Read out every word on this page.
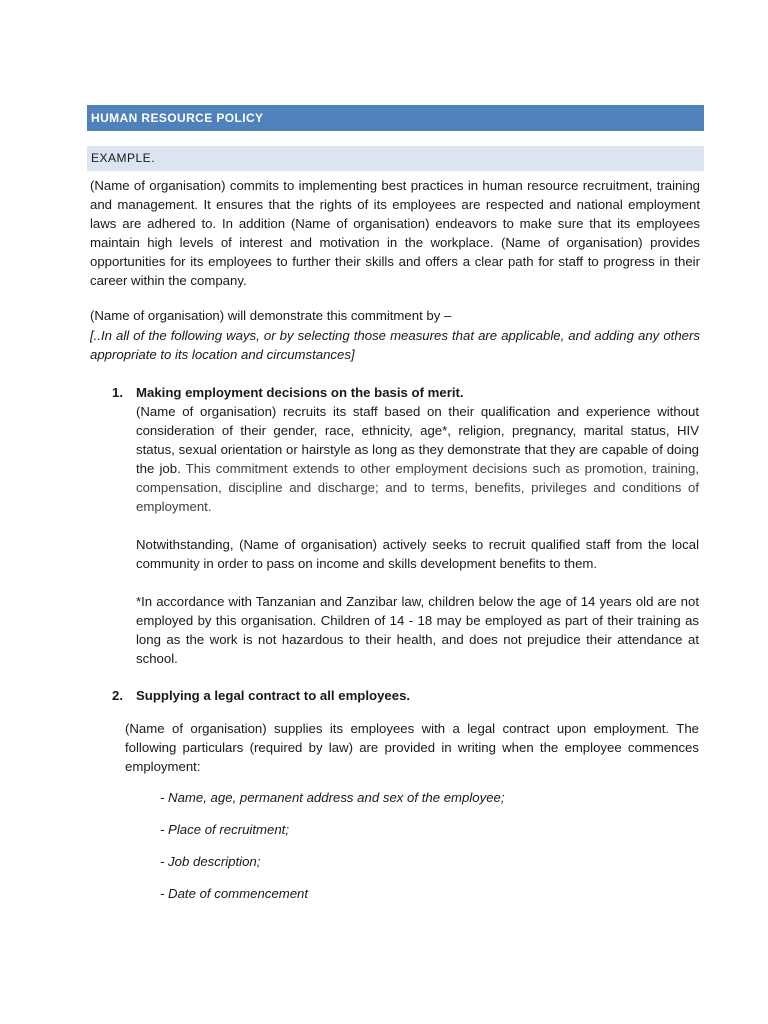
HUMAN RESOURCE POLICY
EXAMPLE.
(Name of organisation) commits to implementing best practices in human resource recruitment, training and management. It ensures that the rights of its employees are respected and national employment laws are adhered to. In addition (Name of organisation) endeavors to make sure that its employees maintain high levels of interest and motivation in the workplace. (Name of organisation) provides opportunities for its employees to further their skills and offers a clear path for staff to progress in their career within the company.
(Name of organisation) will demonstrate this commitment by –
[..In all of the following ways, or by selecting those measures that are applicable, and adding any others appropriate to its location and circumstances]
1. Making employment decisions on the basis of merit.
(Name of organisation) recruits its staff based on their qualification and experience without consideration of their gender, race, ethnicity, age*, religion, pregnancy, marital status, HIV status, sexual orientation or hairstyle as long as they demonstrate that they are capable of doing the job. This commitment extends to other employment decisions such as promotion, training, compensation, discipline and discharge; and to terms, benefits, privileges and conditions of employment.
Notwithstanding, (Name of organisation) actively seeks to recruit qualified staff from the local community in order to pass on income and skills development benefits to them.
*In accordance with Tanzanian and Zanzibar law, children below the age of 14 years old are not employed by this organisation. Children of 14 - 18 may be employed as part of their training as long as the work is not hazardous to their health, and does not prejudice their attendance at school.
2. Supplying a legal contract to all employees.
(Name of organisation) supplies its employees with a legal contract upon employment. The following particulars (required by law) are provided in writing when the employee commences employment:
- Name, age, permanent address and sex of the employee;
- Place of recruitment;
- Job description;
- Date of commencement
